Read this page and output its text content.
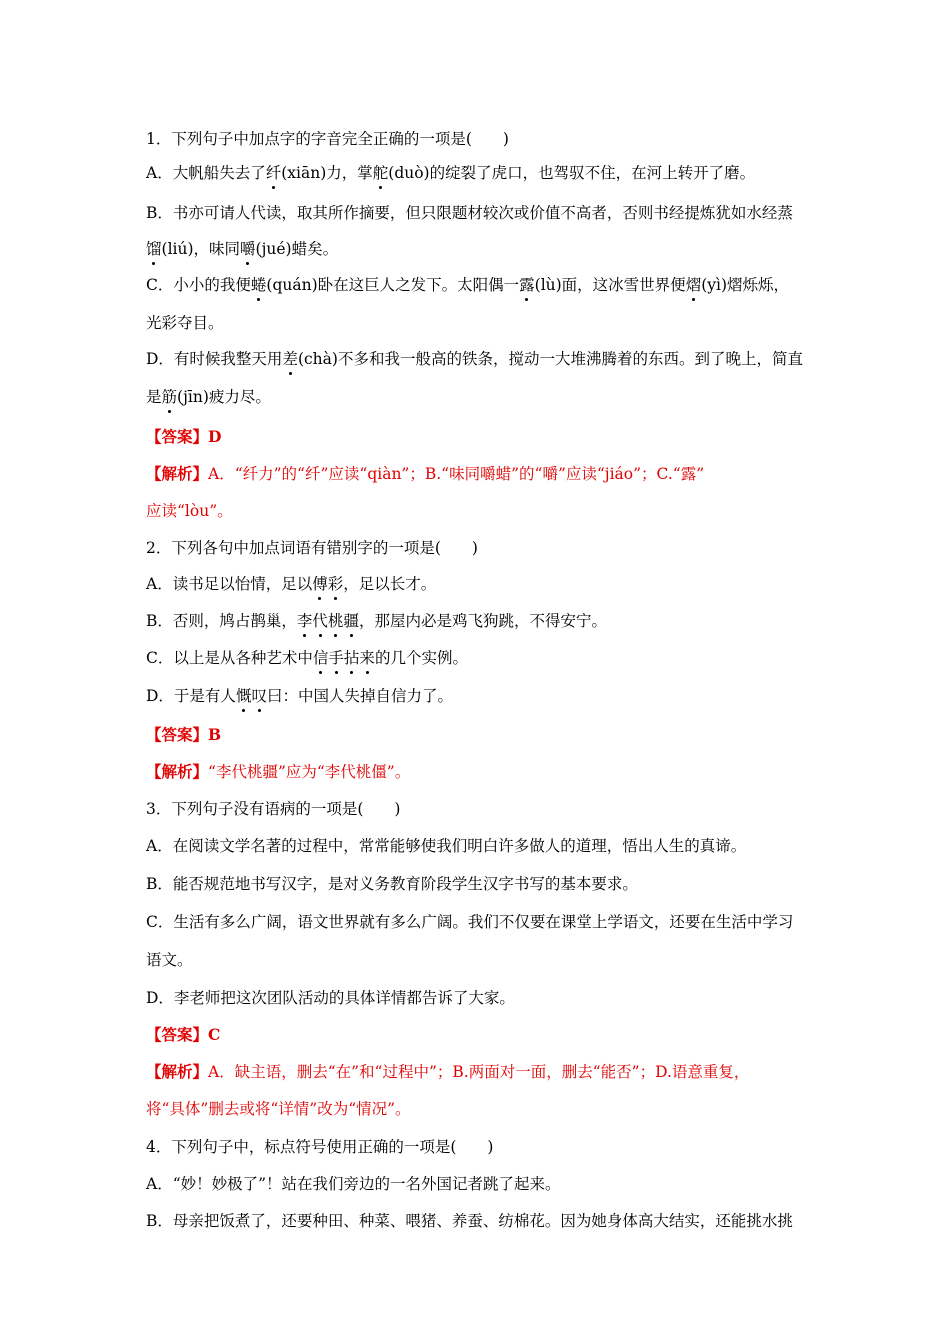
1．下列句子中加点字的字音完全正确的一项是(　　)
A．大帆船失去了纤(xiān)力，掌舵(duò)的绽裂了虎口，也驾驭不住，在河上转开了磨。
B．书亦可请人代读，取其所作摘要，但只限题材较次或价值不高者，否则书经提炼犹如水经蒸
馏(liú)，味同嚼(jué)蜡矣。
C．小小的我便蜷(quán)卧在这巨人之发下。太阳偶一露(lù)面，这冰雪世界便熠(yì)熠烁烁，
光彩夺目。
D．有时候我整天用差(chà)不多和我一般高的铁条，搅动一大堆沸腾着的东西。到了晚上，简直
是筋(jīn)疲力尽。
【答案】D
【解析】A．“纤力”的“纤”应读“qiàn”；B.“味同嚼蜡”的“嚼”应读“jiáo”；C.“露”
应读“lòu”。
2．下列各句中加点词语有错别字的一项是(　　)
A．读书足以怡情，足以傅彩，足以长才。
B．否则，鸠占鹊巢，李代桃疆，那屋内必是鸡飞狗跳，不得安宁。
C．以上是从各种艺术中信手拈来的几个实例。
D．于是有人慨叹曰：中国人失掉自信力了。
【答案】B
【解析】“李代桃疆”应为“李代桃僵”。
3．下列句子没有语病的一项是(　　)
A．在阅读文学名著的过程中，常常能够使我们明白许多做人的道理，悟出人生的真谛。
B．能否规范地书写汉字，是对义务教育阶段学生汉字书写的基本要求。
C．生活有多么广阔，语文世界就有多么广阔。我们不仅要在课堂上学语文，还要在生活中学习
语文。
D．李老师把这次团队活动的具体详情都告诉了大家。
【答案】C
【解析】A．缺主语，删去“在”和“过程中”；B.两面对一面，删去“能否”；D.语意重复，
将“具体”删去或将“详情”改为“情况”。
4．下列句子中，标点符号使用正确的一项是(　　)
A．“妙！妙极了”！站在我们旁边的一名外国记者跳了起来。
B．母亲把饭煮了，还要种田、种菜、喂猪、养蚕、纺棉花。因为她身体高大结实，还能挑水挑
